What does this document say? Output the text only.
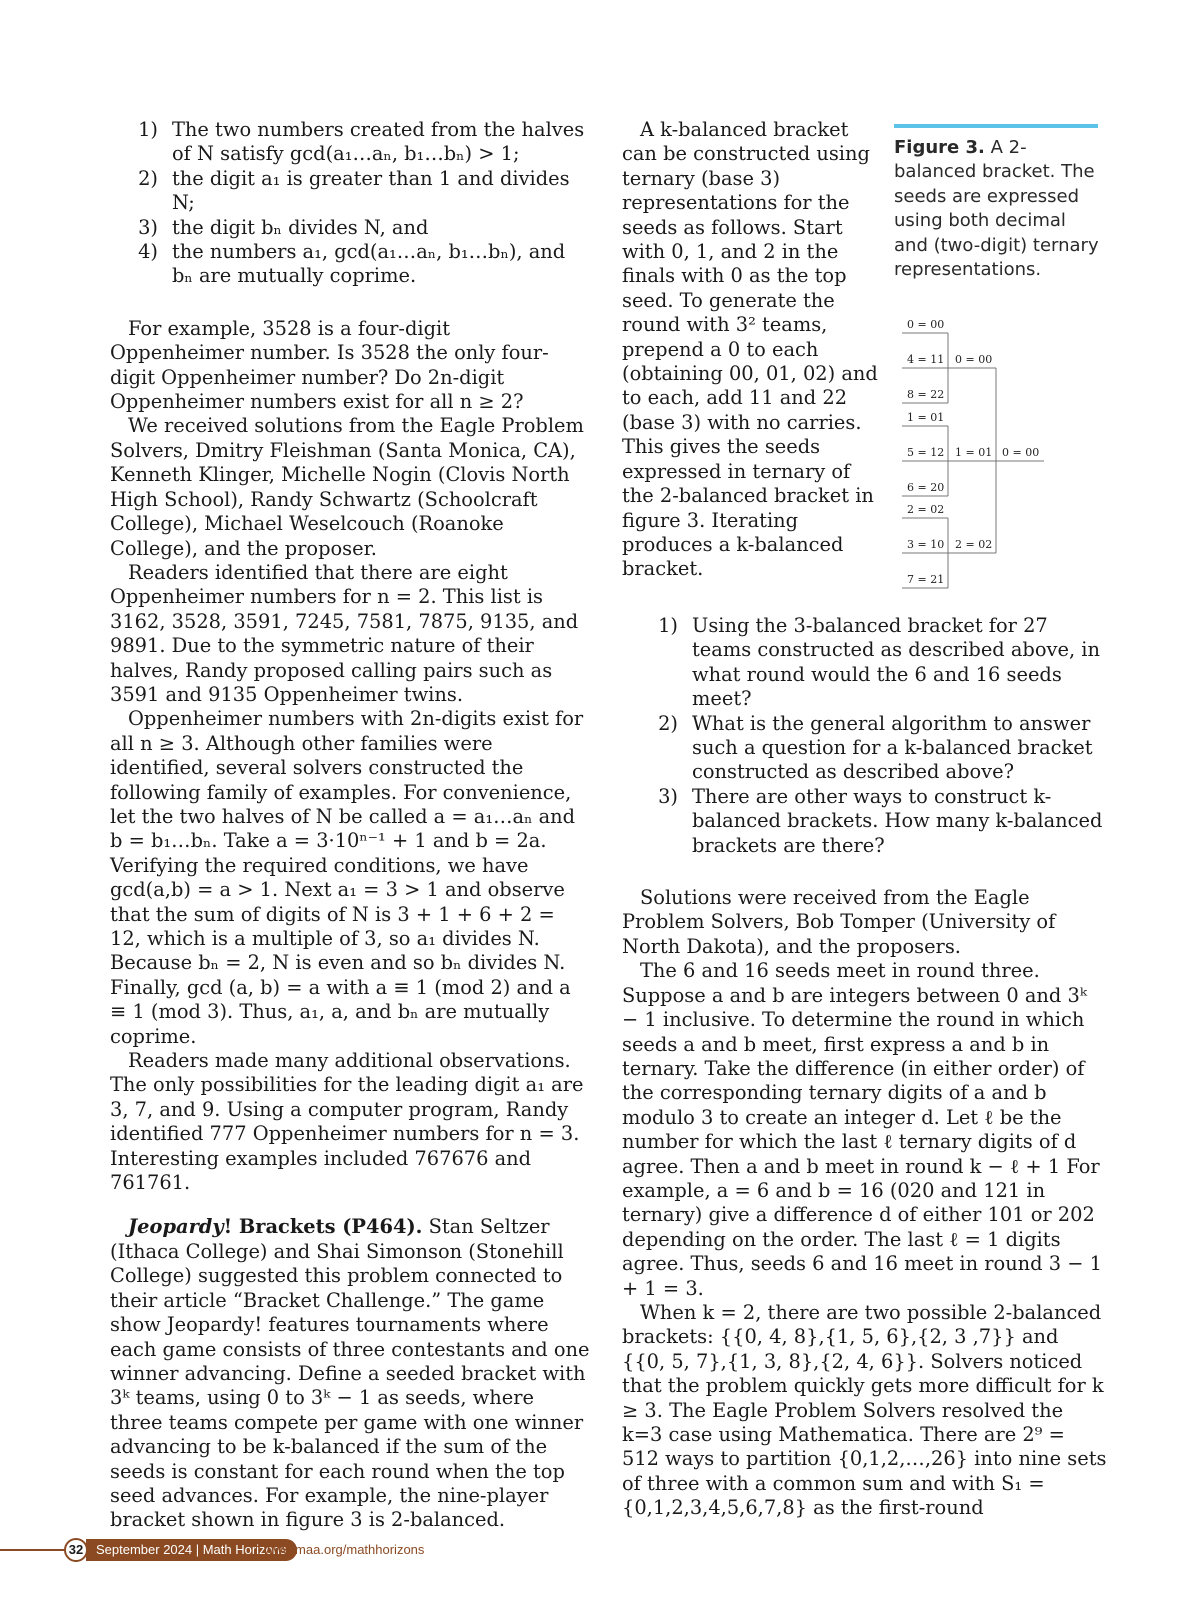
1) The two numbers created from the halves of N satisfy gcd(a₁…aₙ, b₁…bₙ) > 1;
2) the digit a₁ is greater than 1 and divides N;
3) the digit bₙ divides N, and
4) the numbers a₁, gcd(a₁…aₙ, b₁…bₙ), and bₙ are mutually coprime.

For example, 3528 is a four-digit Oppenheimer number. Is 3528 the only four-digit Oppenheimer number? Do 2n-digit Oppenheimer numbers exist for all n ≥ 2?

We received solutions from the Eagle Problem Solvers, Dmitry Fleishman (Santa Monica, CA), Kenneth Klinger, Michelle Nogin (Clovis North High School), Randy Schwartz (Schoolcraft College), Michael Weselcouch (Roanoke College), and the proposer.

Readers identified that there are eight Oppenheimer numbers for n = 2. This list is 3162, 3528, 3591, 7245, 7581, 7875, 9135, and 9891. Due to the symmetric nature of their halves, Randy proposed calling pairs such as 3591 and 9135 Oppenheimer twins.

Oppenheimer numbers with 2n-digits exist for all n ≥ 3. Although other families were identified, several solvers constructed the following family of examples. For convenience, let the two halves of N be called a = a₁…aₙ and b = b₁…bₙ. Take a = 3·10ⁿ⁻¹ + 1 and b = 2a. Verifying the required conditions, we have gcd(a,b) = a > 1. Next a₁ = 3 > 1 and observe that the sum of digits of N is 3 + 1 + 6 + 2 = 12, which is a multiple of 3, so a₁ divides N. Because bₙ = 2, N is even and so bₙ divides N. Finally, gcd (a, b) = a with a ≡ 1 (mod 2) and a ≡ 1 (mod 3). Thus, a₁, a, and bₙ are mutually coprime.

Readers made many additional observations. The only possibilities for the leading digit a₁ are 3, 7, and 9. Using a computer program, Randy identified 777 Oppenheimer numbers for n = 3. Interesting examples included 767676 and 761761.

Jeopardy! Brackets (P464). Stan Seltzer (Ithaca College) and Shai Simonson (Stonehill College) suggested this problem connected to their article “Bracket Challenge.” The game show Jeopardy! features tournaments where each game consists of three contestants and one winner advancing. Define a seeded bracket with 3ᵏ teams, using 0 to 3ᵏ − 1 as seeds, where three teams compete per game with one winner advancing to be k-balanced if the sum of the seeds is constant for each round when the top seed advances. For example, the nine-player bracket shown in figure 3 is 2-balanced.

A k-balanced bracket can be constructed using ternary (base 3) representations for the seeds as follows. Start with 0, 1, and 2 in the finals with 0 as the top seed. To generate the round with 3² teams, prepend a 0 to each (obtaining 00, 01, 02) and to each, add 11 and 22 (base 3) with no carries. This gives the seeds expressed in ternary of the 2-balanced bracket in figure 3. Iterating produces a k-balanced bracket.

Figure 3. A 2-balanced bracket. The seeds are expressed using both decimal and (two-digit) ternary representations.
0 = 00
4 = 11
8 = 22
1 = 01
5 = 12
6 = 20
2 = 02
3 = 10
7 = 21
0 = 00
1 = 01
2 = 02
0 = 00
1) Using the 3-balanced bracket for 27 teams constructed as described above, in what round would the 6 and 16 seeds meet?
2) What is the general algorithm to answer such a question for a k-balanced bracket constructed as described above?
3) There are other ways to construct k-balanced brackets. How many k-balanced brackets are there?

Solutions were received from the Eagle Problem Solvers, Bob Tomper (University of North Dakota), and the proposers.

The 6 and 16 seeds meet in round three. Suppose a and b are integers between 0 and 3ᵏ − 1 inclusive. To determine the round in which seeds a and b meet, first express a and b in ternary. Take the difference (in either order) of the corresponding ternary digits of a and b modulo 3 to create an integer d. Let ℓ be the number for which the last ℓ ternary digits of d agree. Then a and b meet in round k − ℓ + 1 For example, a = 6 and b = 16 (020 and 121 in ternary) give a difference d of either 101 or 202 depending on the order. The last ℓ = 1 digits agree. Thus, seeds 6 and 16 meet in round 3 − 1 + 1 = 3.

When k = 2, there are two possible 2-balanced brackets: {{0, 4, 8},{1, 5, 6},{2, 3 ,7}} and {{0, 5, 7},{1, 3, 8},{2, 4, 6}}. Solvers noticed that the problem quickly gets more difficult for k ≥ 3. The Eagle Problem Solvers resolved the k=3 case using Mathematica. There are 2⁹ = 512 ways to partition {0,1,2,…,26} into nine sets of three with a common sum and with S₁ = {0,1,2,3,4,5,6,7,8} as the first-round

32 September 2024 | Math Horizons
www.maa.org/mathhorizons
